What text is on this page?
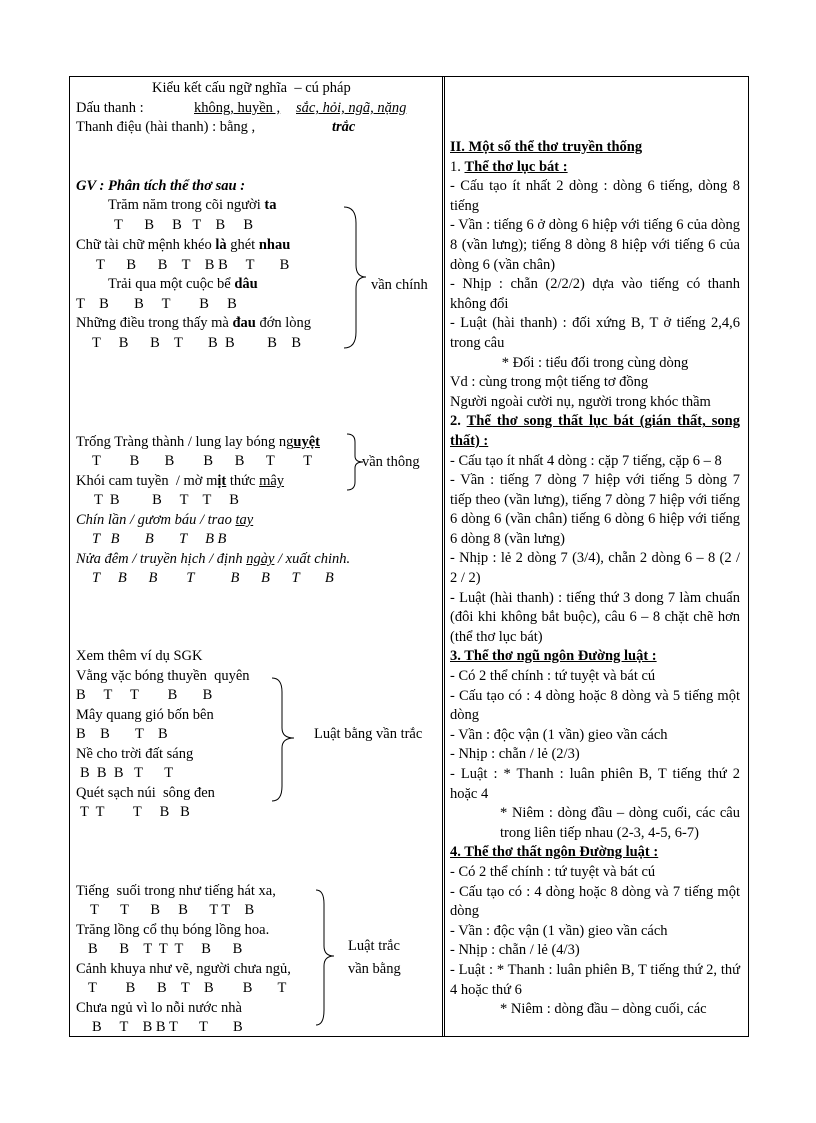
Kiểu kết cấu ngữ nghĩa  – cú pháp
Dấu thanh :	không, huyền , sắc, hỏi, ngã, nặng
Thanh điệu (hài thanh) : bằng ,	trắc
GV : Phân tích thể thơ sau :
Trăm năm trong cõi người ta
T      B     B   T    B     B
Chữ tài chữ mệnh khéo là ghét nhau
T      B      B    T    B B     T       B
Trải qua một cuộc bể dâu
T    B       B     T        B     B
Những điều trong thấy mà đau đớn lòng
T     B      B    T       B  B         B    B
vần chính
Trống Tràng thành / lung lay bóng nguyệt
T        B       B        B      B      T        T
Khói cam tuyền  / mờ mịt thức mây
T  B         B     T    T     B
vần thông
Chín lần / gươm báu / trao tay
T   B       B       T     B B
Nửa đêm / truyền hịch / định ngày / xuất chinh.
T     B      B        T          B      B      T       B
Xem thêm ví dụ SGK
Vằng vặc bóng thuyền  quyên
B     T     T        B       B
Mây quang gió bốn bên
B    B       T    B
Nề cho trời đất sáng
B  B  B   T      T
Quét sạch núi  sông đen
T  T        T     B   B
Luật bằng vần trắc
Tiếng  suối trong như tiếng hát xa,
T      T      B     B      T T    B
Trăng lồng cổ thụ bóng lồng hoa.
B      B    T  T  T     B      B
Cảnh khuya như vẽ, người chưa ngủ,
T        B      B    T    B        B       T
Chưa ngủ vì lo nỗi nước nhà
B     T    B B T      T       B
Luật trắc
vần bằng
II. Một số thể thơ truyền thống
1. Thể thơ lục bát :
- Cấu tạo ít nhất 2 dòng : dòng 6 tiếng, dòng 8 tiếng
- Vần : tiếng 6 ở dòng 6 hiệp với tiếng 6 của dòng 8 (vần lưng); tiếng 8 dòng 8 hiệp với tiếng 6 của dòng 6 (vần chân)
- Nhịp : chẵn (2/2/2) dựa vào tiếng có thanh không đổi
- Luật (hài thanh) : đối xứng B, T ở tiếng 2,4,6 trong câu
* Đối : tiểu đối trong cùng dòng
Vd : cùng trong một tiếng tơ đồng
Người ngoài cười nụ, người trong khóc thầm
2. Thể thơ song thất lục bát (gián thất, song thất) :
- Cấu tạo ít nhất 4 dòng : cặp 7 tiếng, cặp 6 – 8
- Vần : tiếng 7 dòng 7 hiệp với tiếng 5 dòng 7 tiếp theo (vần lưng), tiếng 7 dòng 7 hiệp với tiếng 6 dòng 6 (vần chân) tiếng 6 dòng 6 hiệp với tiếng 6 dòng 8 (vần lưng)
- Nhịp : lẻ 2 dòng 7 (3/4), chẵn 2 dòng 6 – 8 (2 / 2 / 2)
- Luật (hài thanh) : tiếng thứ 3 dong 7 làm chuẩn (đôi khi không bắt buộc), câu 6 – 8 chặt chẽ hơn (thể thơ lục bát)
3. Thể thơ ngũ ngôn Đường luật :
- Có 2 thể chính : tứ tuyệt và bát cú
- Cấu tạo có : 4 dòng hoặc 8 dòng và 5 tiếng một dòng
- Vần : độc vận (1 vần) gieo vần cách
- Nhịp : chẵn / lẻ (2/3)
- Luật : * Thanh : luân phiên B, T tiếng thứ 2 hoặc 4
* Niêm : dòng đầu – dòng cuối, các câu trong liên tiếp nhau (2-3, 4-5, 6-7)
4. Thể thơ thất ngôn Đường luật :
- Có 2 thể chính : tứ tuyệt và bát cú
- Cấu tạo có : 4 dòng hoặc 8 dòng và 7 tiếng một dòng
- Vần : độc vận (1 vần) gieo vần cách
- Nhịp : chẵn / lẻ (4/3)
- Luật : * Thanh : luân phiên B, T tiếng thứ 2, thứ 4 hoặc thứ 6
* Niêm : dòng đầu – dòng cuối, các
